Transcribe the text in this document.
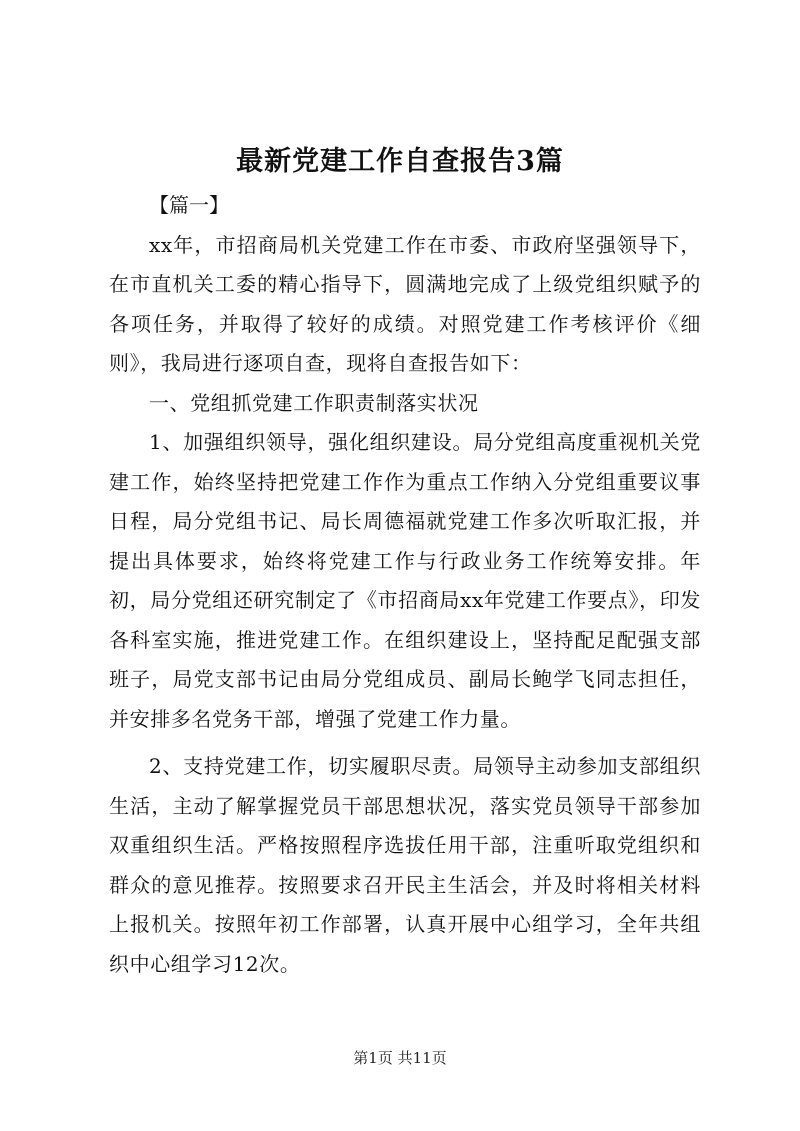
最新党建工作自查报告3篇

【篇一】

xx年，市招商局机关党建工作在市委、市政府坚强领导下，在市直机关工委的精心指导下，圆满地完成了上级党组织赋予的各项任务，并取得了较好的成绩。对照党建工作考核评价《细则》，我局进行逐项自查，现将自查报告如下：

一、党组抓党建工作职责制落实状况

1、加强组织领导，强化组织建设。局分党组高度重视机关党建工作，始终坚持把党建工作作为重点工作纳入分党组重要议事日程，局分党组书记、局长周德福就党建工作多次听取汇报，并提出具体要求，始终将党建工作与行政业务工作统筹安排。年初，局分党组还研究制定了《市招商局xx年党建工作要点》，印发各科室实施，推进党建工作。在组织建设上，坚持配足配强支部班子，局党支部书记由局分党组成员、副局长鲍学飞同志担任，并安排多名党务干部，增强了党建工作力量。

2、支持党建工作，切实履职尽责。局领导主动参加支部组织生活，主动了解掌握党员干部思想状况，落实党员领导干部参加双重组织生活。严格按照程序选拔任用干部，注重听取党组织和群众的意见推荐。按照要求召开民主生活会，并及时将相关材料上报机关。按照年初工作部署，认真开展中心组学习，全年共组织中心组学习12次。

第1页 共11页
